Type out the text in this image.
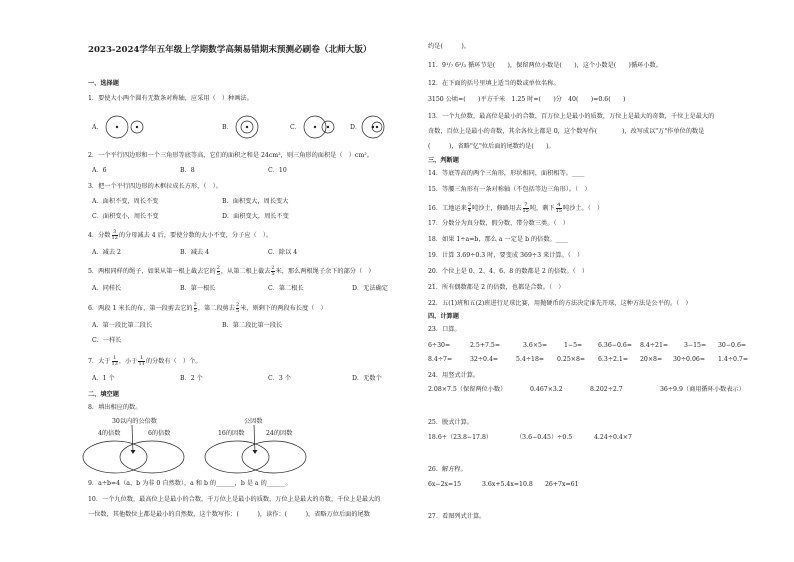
2023-2024学年五年级上学期数学高频易错期末预测必刷卷（北师大版）
一、选择题
1．要使大小两个圆有无数条对称轴，应采用（　）种画法。
A．	B．	C．	D．
2．一个平行四边形和一个三角形等底等高，它们的面积之和是 24cm²，则三角形的面积是（　）cm²。
A．6	B．8	C．10
3．把一个平行四边形的木框拉成长方形，（　）。
A．面积不变，周长不变	B．面积变大，周长变大
C．面积变小，周长不变	D．面积变大，周长不变
4．分数 $\frac{3}{12}$ 的分母减去 4 后，要使分数的大小不变，分子应（　）。
A．减去 2	B．减去 4	C．除以 4
5．两根同样的绳子，如果从第一根上截去它的 $\frac{2}{5}$ ，从第二根上截去 $\frac{2}{5}$ 米，那么两根绳子余下的部分（　）
A．同样长	B．第一根长	C．第二根长	D．无法确定
6．两段 1 米长的布，第一段剪去它的 $\frac{2}{5}$ ，第二段剪去 $\frac{2}{5}$ 米，则剩下的两段布长度（　）
A．第一段比第二段长	B．第二段比第一段长
C．一样长
7．大于 $\frac{1}{13}$ ，小于 $\frac{1}{11}$ 的分数有（　）个。
A．1 个	B．2 个	C．3 个	D．无数个
二、填空题
8．填出相应的数。
30以内的公倍数
4的倍数	6的倍数
公因数
16的因数	24的因数
9．a÷b=4（a、b 为非 0 自然数），a 和 b 的______，b 是 a 的______。
10．一个九位数，最高位上是最小的合数，千万位上是最小的质数，万位上是最大的奇数，千位上是最大的
一位数，其他数位上都是最小的自然数，这个数写作：(　　　)，读作：(　　　)，省略万位后面的尾数
约是(　　　)。
11．9¹/₇ 6²/₃ 循环节是(　　)，保留两位小数是(　　)，这个小数是(　　)循环小数。
12．在下面的括号里填上适当的数或单位名称。
3150 公顷=(　　)平方千米　1.25 时=(　　)分　40(　　)=0.6(　　)
13．一个九位数，最高位是最小的合数，百万位上是最小的质数，万位上是最大的奇数，千位上是最大的
奇数，百位上是最小的奇数，其余各位上都是 0，这个数写作(　　　　)，改写成以"万"作单位的数是
(　　　)，省略"亿"位后面的尾数约是(　　)。
三、判断题
14．等底等高的两个三角形，形状相同，面积相等。____
15．等腰三角形有一条对称轴（不包括等边三角形）。（　）
16．工地运来 $\frac{3}{4}$ 吨沙土，修路用去 $\frac{7}{15}$ 吨，剩下 $\frac{4}{15}$ 吨沙土。（　）
17．分数分为真分数、假分数、带分数三类。（　）
18．如果 1÷a=b，那么 a 一定是 b 的倍数。____
19．计算 3.69÷0.3 时，要变成 369÷3 来计算。（　）
20．个位上是 0、2、4、6、8 的数都是 2 的倍数。（　）
21．所有偶数都是 2 的倍数，也都是合数。（　）
22．五(1)班和五(2)班进行足球比赛，用抛硬币的方法决定谁先开球，这种方法是公平的。（　）
四、计算题
23．口算。
6÷30=	2.5+7.5=	3.6×5=	1−5=	6.36−0.6= 8.4÷21=	3−15= 30−0.6=
8.4÷7=	32÷0.4=	5.4÷18= 0.25×8= 6.3÷2.1= 20×8= 30÷0.06= 1.4÷0.7=
24．用竖式计算。
2.08×7.5（保留两位小数）	0.467×3.2	8.202÷2.7	36÷9.9（商用循环小数表示）
25．脱式计算。
18.6÷（23.8−17.8）	（3.6−0.45）÷0.5	4.24÷0.4×7
26．解方程。
6x−2x=15	3.6x+5.4x=10.8 26+7x=61
27．看图列式计算。
